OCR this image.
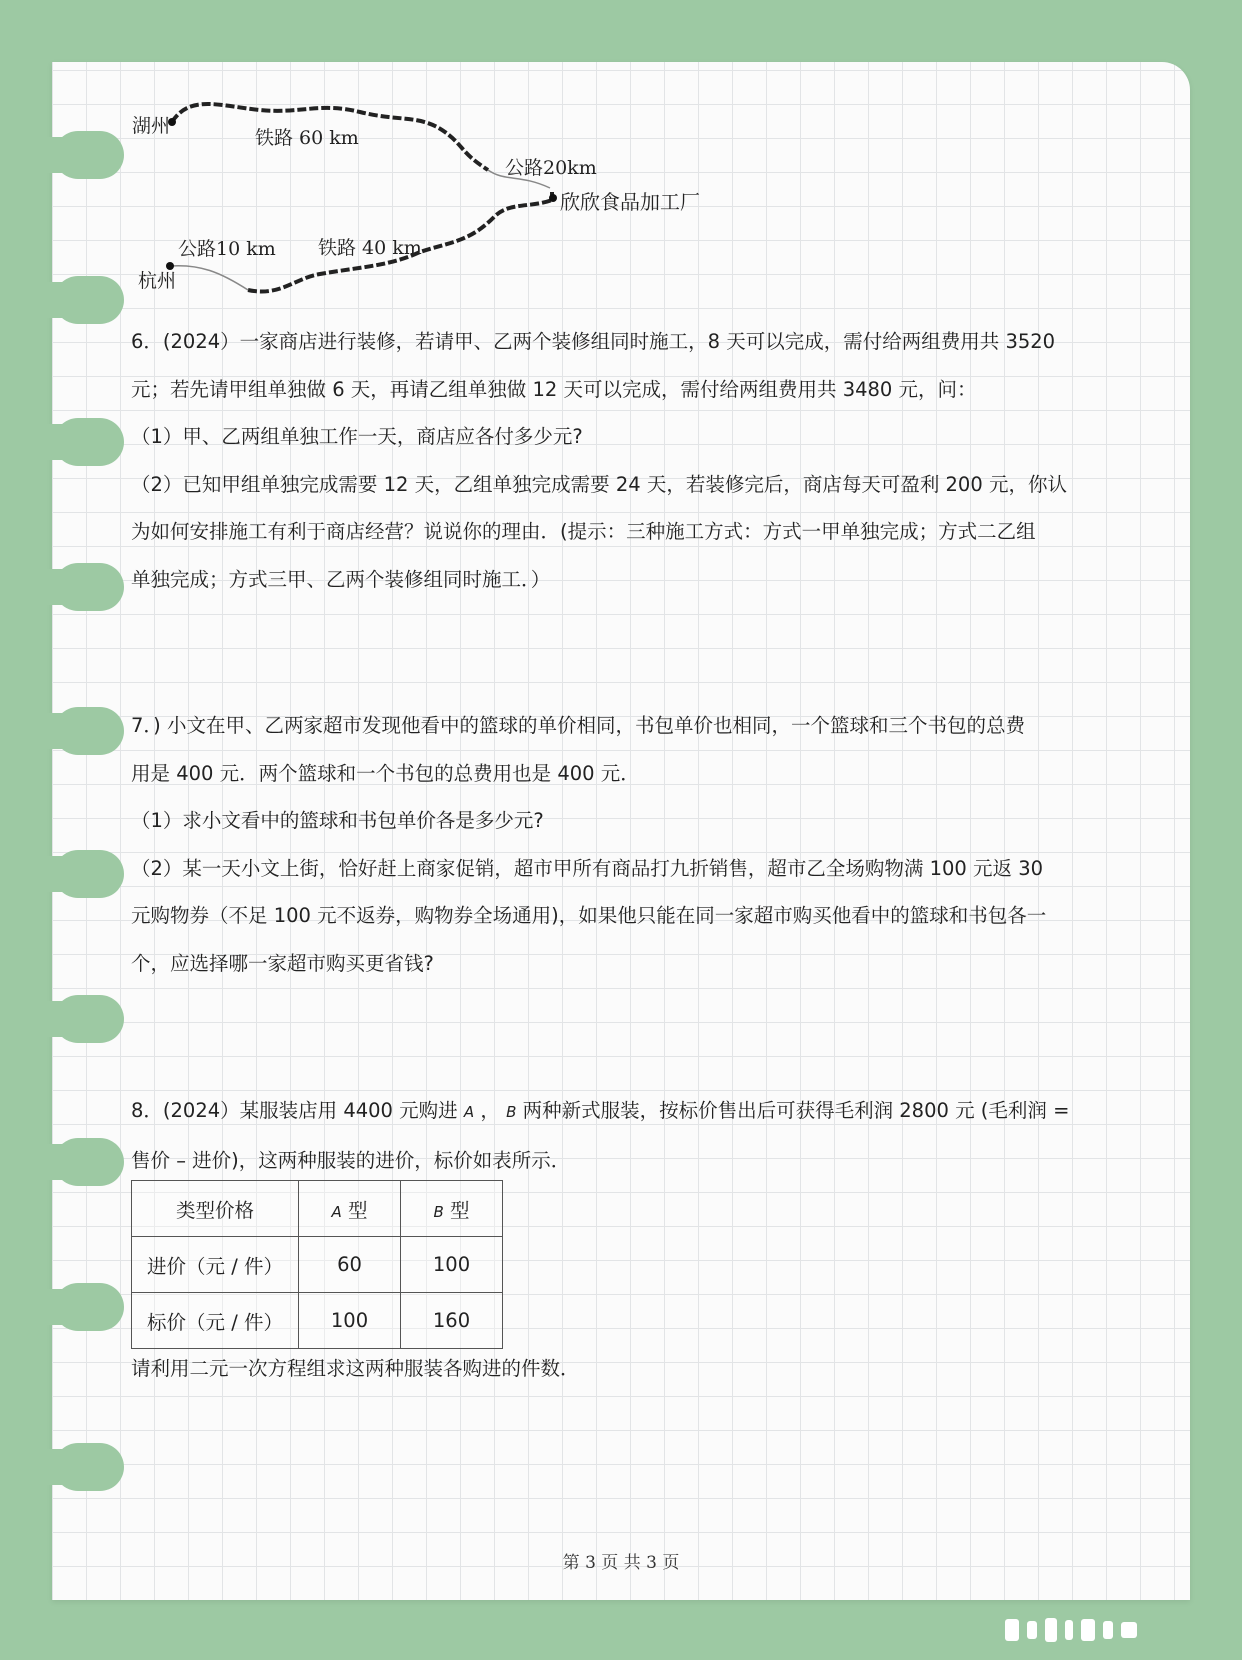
湖州
铁路 60 km
公路20km
欣欣食品加工厂
公路10 km 铁路 40 km
杭州

6．(2024）一家商店进行装修，若请甲、乙两个装修组同时施工，8 天可以完成，需付给两组费用共 3520

元；若先请甲组单独做 6 天，再请乙组单独做 12 天可以完成，需付给两组费用共 3480 元，问：

（1）甲、乙两组单独工作一天，商店应各付多少元?

（2）已知甲组单独完成需要 12 天，乙组单独完成需要 24 天，若装修完后，商店每天可盈利 200 元，你认

为如何安排施工有利于商店经营？说说你的理由．(提示：三种施工方式：方式一甲单独完成；方式二乙组

单独完成；方式三甲、乙两个装修组同时施工．）

7．) 小文在甲、乙两家超市发现他看中的篮球的单价相同，书包单价也相同，一个篮球和三个书包的总费

用是 400 元．两个篮球和一个书包的总费用也是 400 元．

（1）求小文看中的篮球和书包单价各是多少元?

（2）某一天小文上街，恰好赶上商家促销，超市甲所有商品打九折销售，超市乙全场购物满 100 元返 30

元购物券（不足 100 元不返券，购物券全场通用)，如果他只能在同一家超市购买他看中的篮球和书包各一

个，应选择哪一家超市购买更省钱?

8．(2024）某服装店用 4400 元购进 A ， B 两种新式服装，按标价售出后可获得毛利润 2800 元 (毛利润 =

售价 – 进价)，这两种服装的进价，标价如表所示．

类型价格	A 型	B 型
进价（元 / 件）	60	100
标价（元 / 件）	100	160
请利用二元一次方程组求这两种服装各购进的件数．
第 3 页 共 3 页
